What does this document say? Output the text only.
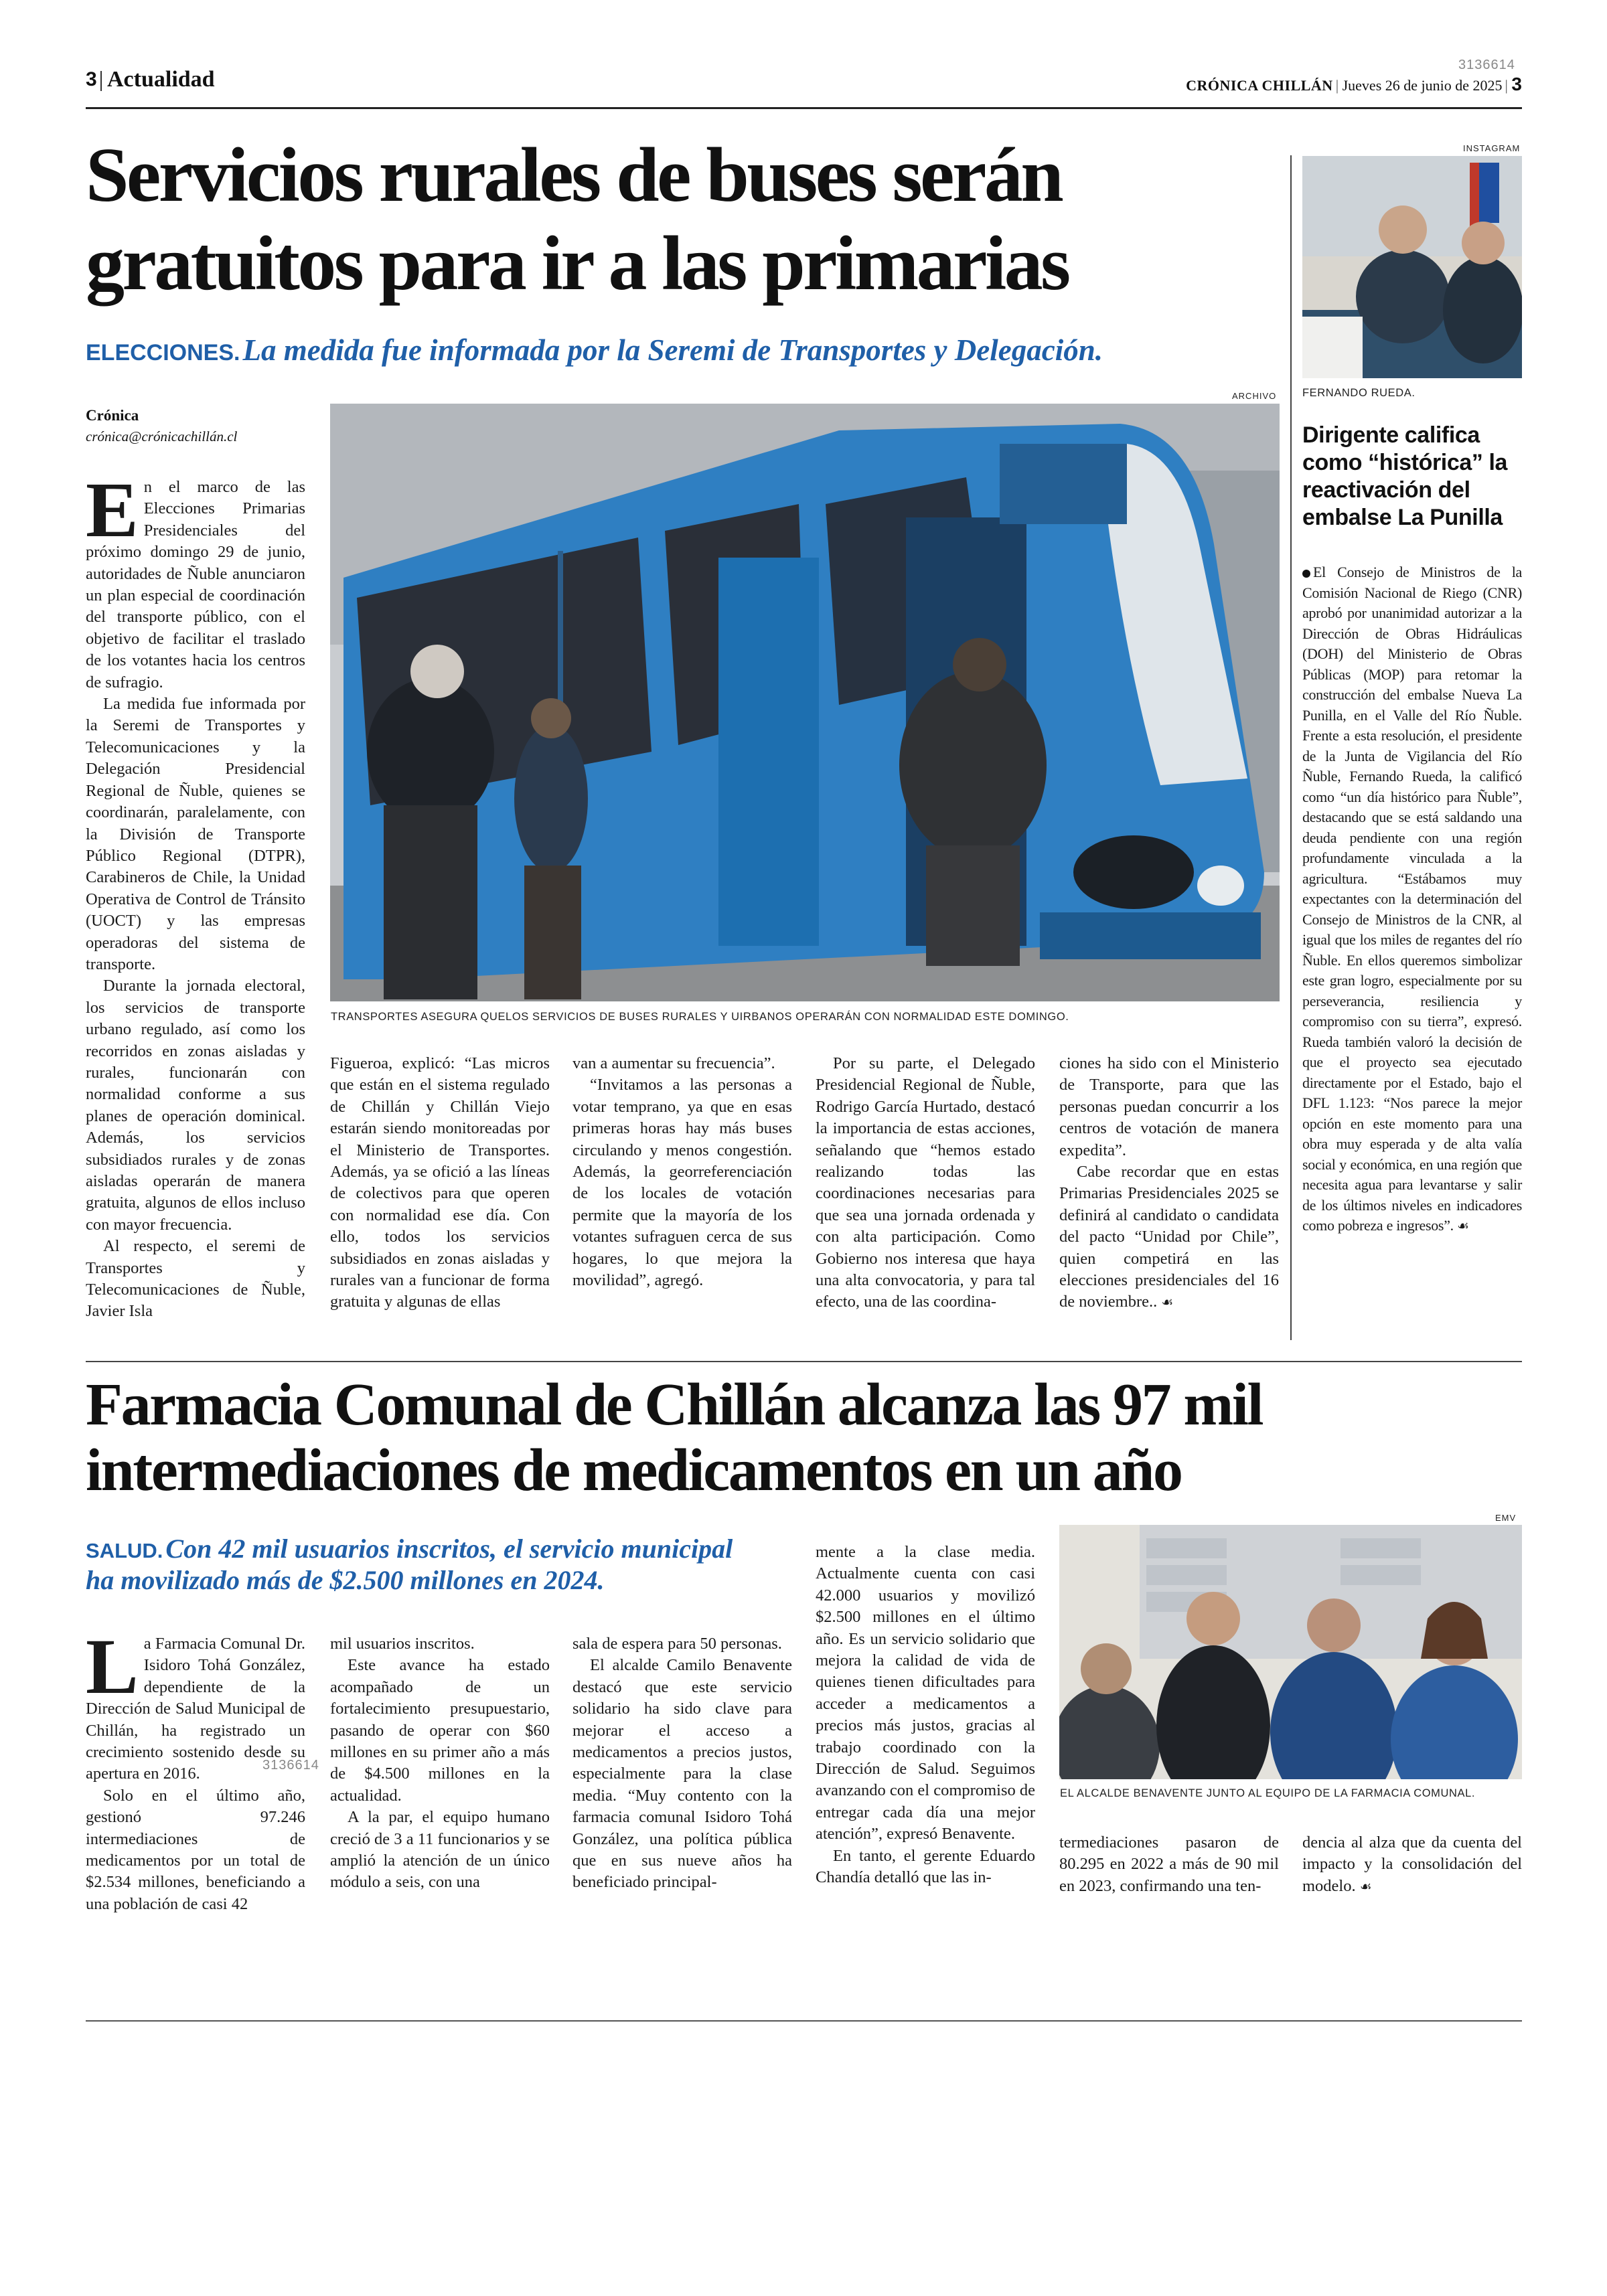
3 Actualidad
3136614
CRÓNICA CHILLÁN | Jueves 26 de junio de 2025 | 3
Servicios rurales de buses serán
gratuitos para ir a las primarias
ELECCIONES. La medida fue informada por la Seremi de Transportes y Delegación.
Crónica
crónica@crónicachillán.cl
ARCHIVO
TRANSPORTES ASEGURA QUELOS SERVICIOS DE BUSES RURALES Y UIRBANOS OPERARÁN CON NORMALIDAD ESTE DOMINGO.

En el marco de las Elecciones Primarias Presidenciales del próximo domingo 29 de junio, autoridades de Ñuble anunciaron un plan especial de coordinación del transporte público, con el objetivo de facilitar el traslado de los votantes hacia los centros de sufragio.

La medida fue informada por la Seremi de Transportes y Telecomunicaciones y la Delegación Presidencial Regional de Ñuble, quienes se coordinarán, paralelamente, con la División de Transporte Público Regional (DTPR), Carabineros de Chile, la Unidad Operativa de Control de Tránsito (UOCT) y las empresas operadoras del sistema de transporte.

Durante la jornada electoral, los servicios de transporte urbano regulado, así como los recorridos en zonas aisladas y rurales, funcionarán con normalidad conforme a sus planes de operación dominical. Además, los servicios subsidiados rurales y de zonas aisladas operarán de manera gratuita, algunos de ellos incluso con mayor frecuencia.

Al respecto, el seremi de Transportes y Telecomunicaciones de Ñuble, Javier Isla

Figueroa, explicó: “Las micros que están en el sistema regulado de Chillán y Chillán Viejo estarán siendo monitoreadas por el Ministerio de Transportes. Además, ya se ofició a las líneas de colectivos para que operen con normalidad ese día. Con ello, todos los servicios subsidiados en zonas aisladas y rurales van a funcionar de forma gratuita y algunas de ellas

van a aumentar su frecuencia”.

“Invitamos a las personas a votar temprano, ya que en esas primeras horas hay más buses circulando y menos congestión. Además, la georreferenciación de los locales de votación permite que la mayoría de los votantes sufraguen cerca de sus hogares, lo que mejora la movilidad”, agregó.

Por su parte, el Delegado Presidencial Regional de Ñuble, Rodrigo García Hurtado, destacó la importancia de estas acciones, señalando que “hemos estado realizando todas las coordinaciones necesarias para que sea una jornada ordenada y con alta participación. Como Gobierno nos interesa que haya una alta convocatoria, y para tal efecto, una de las coordina-

ciones ha sido con el Ministerio de Transporte, para que las personas puedan concurrir a los centros de votación de manera expedita”.

Cabe recordar que en estas Primarias Presidenciales 2025 se definirá al candidato o candidata del pacto “Unidad por Chile”, quien competirá en las elecciones presidenciales del 16 de noviembre.. ☙

INSTAGRAM
FERNANDO RUEDA.
Dirigente califica como “histórica” la reactivación del embalse La Punilla

El Consejo de Ministros de la Comisión Nacional de Riego (CNR) aprobó por unanimidad autorizar a la Dirección de Obras Hidráulicas (DOH) del Ministerio de Obras Públicas (MOP) para retomar la construcción del embalse Nueva La Punilla, en el Valle del Río Ñuble. Frente a esta resolución, el presidente de la Junta de Vigilancia del Río Ñuble, Fernando Rueda, la calificó como “un día histórico para Ñuble”, destacando que se está saldando una deuda pendiente con una región profundamente vinculada a la agricultura. “Estábamos muy expectantes con la determinación del Consejo de Ministros de la CNR, al igual que los miles de regantes del río Ñuble. En ellos queremos simbolizar este gran logro, especialmente por su perseverancia, resiliencia y compromiso con su tierra”, expresó. Rueda también valoró la decisión de que el proyecto sea ejecutado directamente por el Estado, bajo el DFL 1.123: “Nos parece la mejor opción en este momento para una obra muy esperada y de alta valía social y económica, en una región que necesita agua para levantarse y salir de los últimos niveles en indicadores como pobreza e ingresos”. ☙

Farmacia Comunal de Chillán alcanza las 97 mil
intermediaciones de medicamentos en un año
SALUD. Con 42 mil usuarios inscritos, el servicio municipal
ha movilizado más de $2.500 millones en 2024.
EMV
EL ALCALDE BENAVENTE JUNTO AL EQUIPO DE LA FARMACIA COMUNAL.

La Farmacia Comunal Dr. Isidoro Tohá González, dependiente de la Dirección de Salud Municipal de Chillán, ha registrado un crecimiento sostenido desde su apertura en 2016.

Solo en el último año, gestionó 97.246 intermediaciones de medicamentos por un total de $2.534 millones, beneficiando a una población de casi 42

3136614

mil usuarios inscritos.

Este avance ha estado acompañado de un fortalecimiento presupuestario, pasando de operar con $60 millones en su primer año a más de $4.500 millones en la actualidad.

A la par, el equipo humano creció de 3 a 11 funcionarios y se amplió la atención de un único módulo a seis, con una

sala de espera para 50 personas.

El alcalde Camilo Benavente destacó que este servicio solidario ha sido clave para mejorar el acceso a medicamentos a precios justos, especialmente para la clase media. “Muy contento con la farmacia comunal Isidoro Tohá González, una política pública que en sus nueve años ha beneficiado principal-

mente a la clase media. Actualmente cuenta con casi 42.000 usuarios y movilizó $2.500 millones en el último año. Es un servicio solidario que mejora la calidad de vida de quienes tienen dificultades para acceder a medicamentos a precios más justos, gracias al trabajo coordinado con la Dirección de Salud. Seguimos avanzando con el compromiso de entregar cada día una mejor atención”, expresó Benavente.

En tanto, el gerente Eduardo Chandía detalló que las in-

termediaciones pasaron de 80.295 en 2022 a más de 90 mil en 2023, confirmando una ten-

dencia al alza que da cuenta del impacto y la consolidación del modelo. ☙
